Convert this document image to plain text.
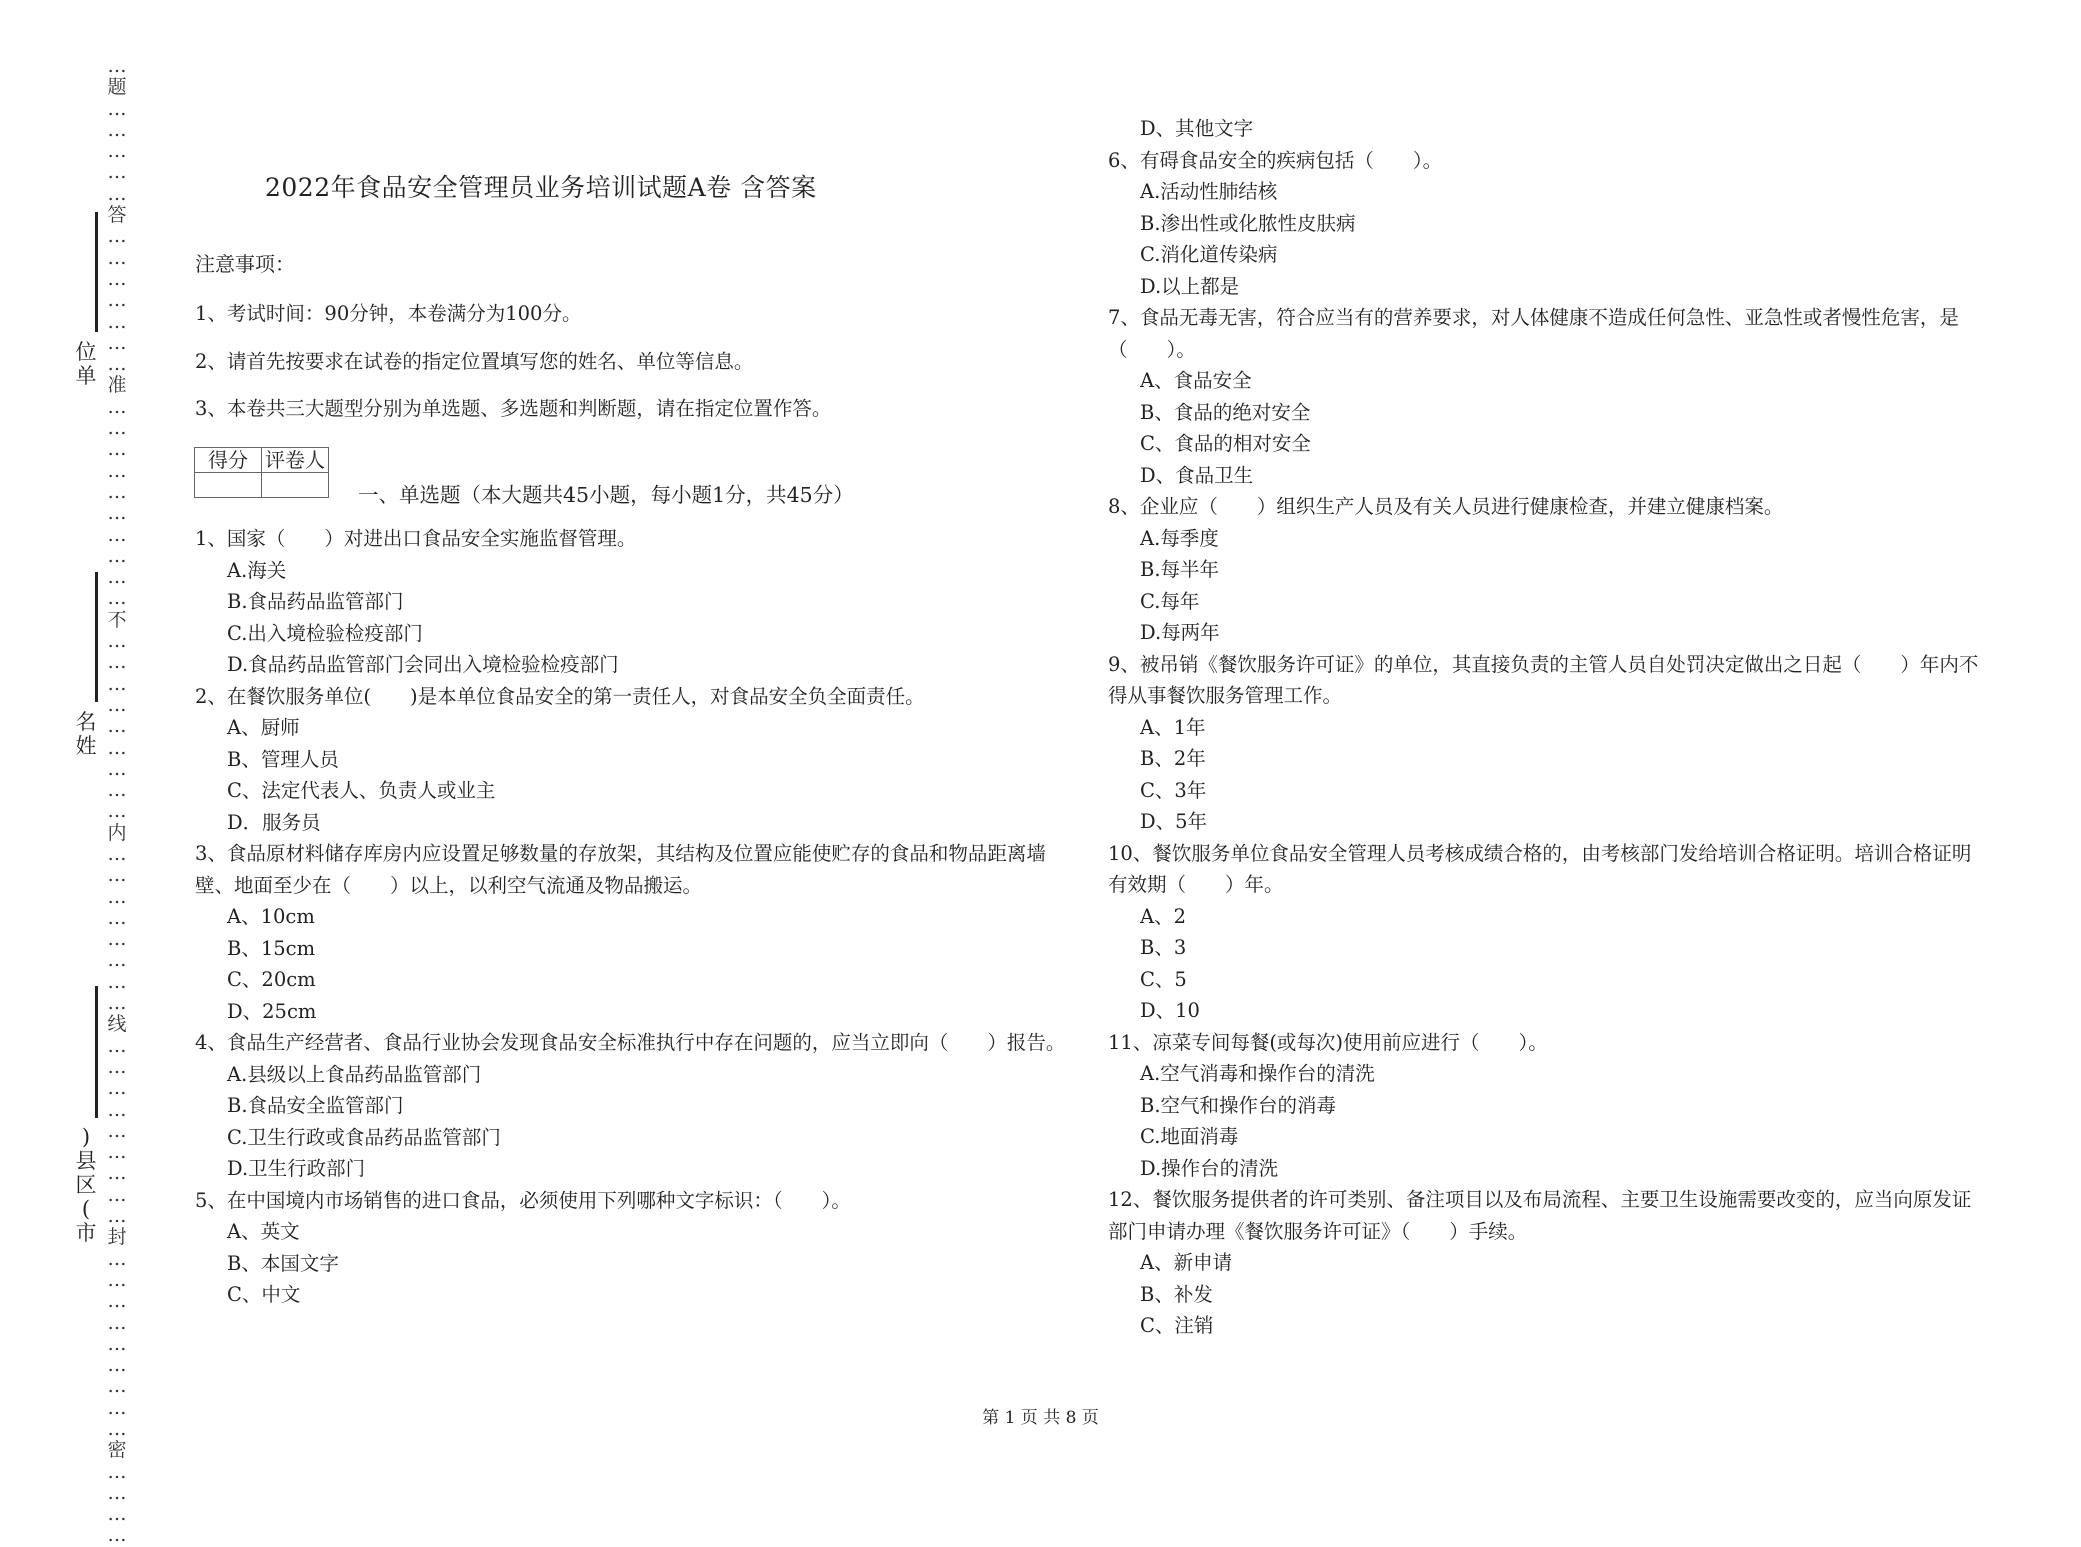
…
题
…
…
…
…
…
答
…
…
…
…
…
…
…
准
…
…
…
…
…
…
…
…
…
…
不
…
…
…
…
…
…
…
…
…
内
…
…
…
…
…
…
…
…
线
…
…
…
…
…
…
…
…
…
封
…
…
…
…
…
…
…
…
…
密
…
…
…
…
位
单
名
姓
)
县
区
(
市
2022年食品安全管理员业务培训试题A卷 含答案
注意事项：
1、考试时间：90分钟，本卷满分为100分。
2、请首先按要求在试卷的指定位置填写您的姓名、单位等信息。
3、本卷共三大题型分别为单选题、多选题和判断题，请在指定位置作答。
得分	评卷人

一、单选题（本大题共45小题，每小题1分，共45分）
1、国家（　　）对进出口食品安全实施监督管理。
A.海关
B.食品药品监管部门
C.出入境检验检疫部门
D.食品药品监管部门会同出入境检验检疫部门
2、在餐饮服务单位(　　)是本单位食品安全的第一责任人，对食品安全负全面责任。
A、厨师
B、管理人员
C、法定代表人、负责人或业主
D．服务员
3、食品原材料储存库房内应设置足够数量的存放架，其结构及位置应能使贮存的食品和物品距离墙壁、地面至少在（　　）以上，以利空气流通及物品搬运。
A、10cm
B、15cm
C、20cm
D、25cm
4、食品生产经营者、食品行业协会发现食品安全标准执行中存在问题的，应当立即向（　　）报告。
A.县级以上食品药品监管部门
B.食品安全监管部门
C.卫生行政或食品药品监管部门
D.卫生行政部门
5、在中国境内市场销售的进口食品，必须使用下列哪种文字标识：（　　）。
A、英文
B、本国文字
C、中文
D、其他文字
6、有碍食品安全的疾病包括（　　）。
A.活动性肺结核
B.渗出性或化脓性皮肤病
C.消化道传染病
D.以上都是
7、食品无毒无害，符合应当有的营养要求，对人体健康不造成任何急性、亚急性或者慢性危害，是（　　）。
A、食品安全
B、食品的绝对安全
C、食品的相对安全
D、食品卫生
8、企业应（　　）组织生产人员及有关人员进行健康检查，并建立健康档案。
A.每季度
B.每半年
C.每年
D.每两年
9、被吊销《餐饮服务许可证》的单位，其直接负责的主管人员自处罚决定做出之日起（　　）年内不得从事餐饮服务管理工作。
A、1年
B、2年
C、3年
D、5年
10、餐饮服务单位食品安全管理人员考核成绩合格的，由考核部门发给培训合格证明。培训合格证明有效期（　　）年。
A、2
B、3
C、5
D、10
11、凉菜专间每餐(或每次)使用前应进行（　　）。
A.空气消毒和操作台的清洗
B.空气和操作台的消毒
C.地面消毒
D.操作台的清洗
12、餐饮服务提供者的许可类别、备注项目以及布局流程、主要卫生设施需要改变的，应当向原发证部门申请办理《餐饮服务许可证》（　　）手续。
A、新申请
B、补发
C、注销
第 1 页 共 8 页
